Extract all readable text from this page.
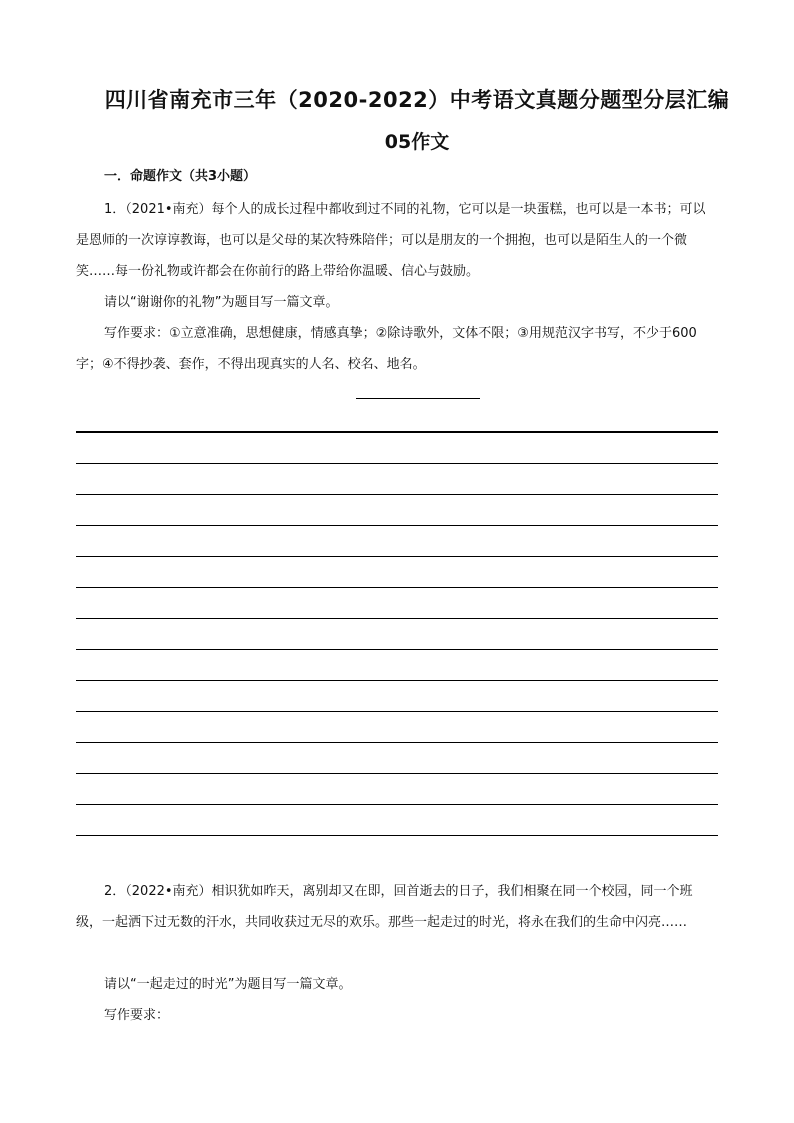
四川省南充市三年（2020-2022）中考语文真题分题型分层汇编
05作文
一．命题作文（共3小题）
1．（2021•南充）每个人的成长过程中都收到过不同的礼物，它可以是一块蛋糕，也可以是一本书；可以是恩师的一次谆谆教诲，也可以是父母的某次特殊陪伴；可以是朋友的一个拥抱，也可以是陌生人的一个微笑……每一份礼物或许都会在你前行的路上带给你温暖、信心与鼓励。
请以“谢谢你的礼物”为题目写一篇文章。
写作要求：①立意准确，思想健康，情感真挚；②除诗歌外，文体不限；③用规范汉字书写，不少于600字；④不得抄袭、套作，不得出现真实的人名、校名、地名。
2．（2022•南充）相识犹如昨天，离别却又在即，回首逝去的日子，我们相聚在同一个校园，同一个班级，一起洒下过无数的汗水，共同收获过无尽的欢乐。那些一起走过的时光，将永在我们的生命中闪亮……
请以“一起走过的时光”为题目写一篇文章。
写作要求：
